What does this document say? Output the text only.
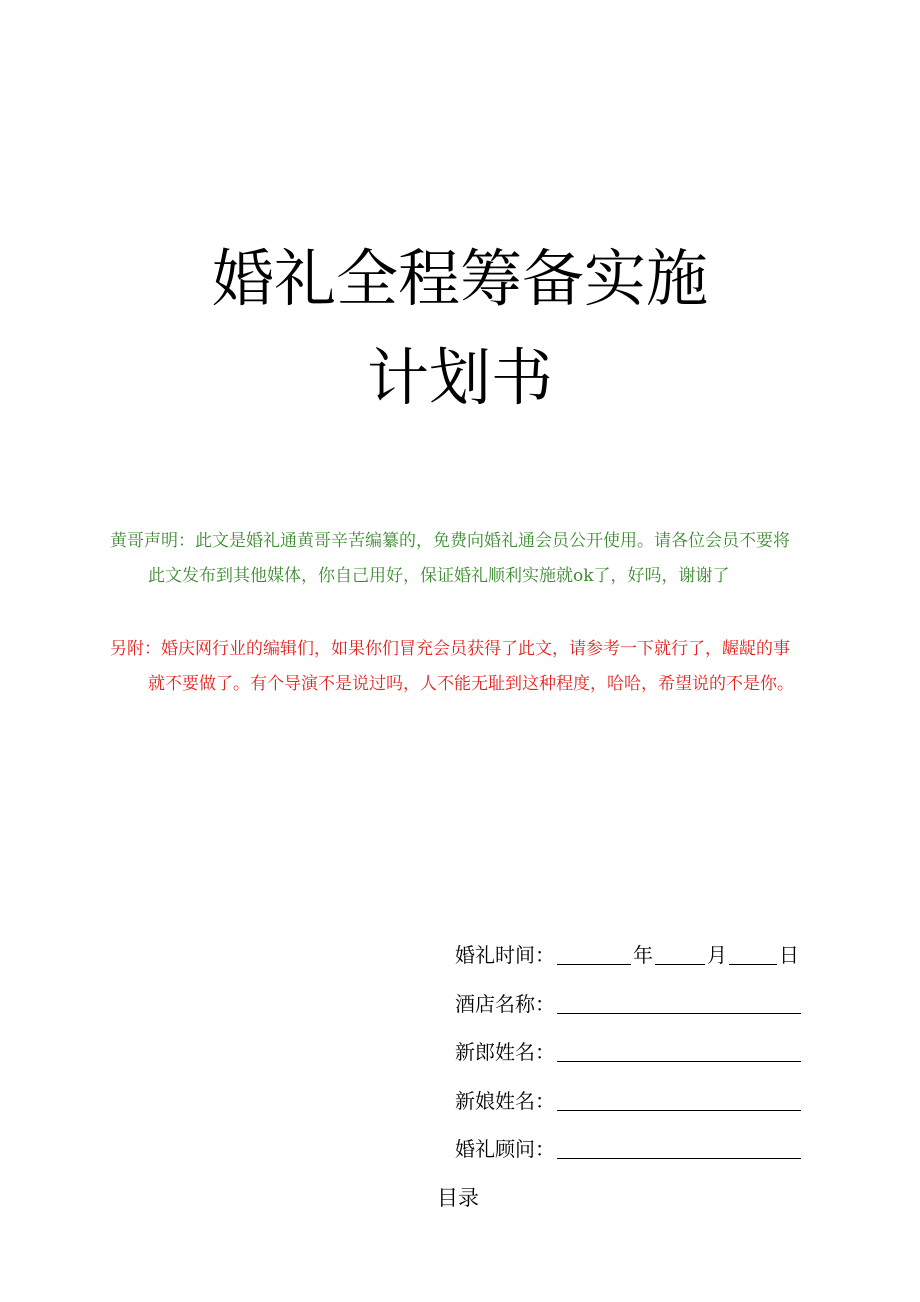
婚礼全程筹备实施
计划书

黄哥声明：此文是婚礼通黄哥辛苦编纂的，免费向婚礼通会员公开使用。请各位会员不要将此文发布到其他媒体，你自己用好，保证婚礼顺利实施就ok了，好吗，谢谢了

另附：婚庆网行业的编辑们，如果你们冒充会员获得了此文，请参考一下就行了，龌龊的事就不要做了。有个导演不是说过吗，人不能无耻到这种程度，哈哈，希望说的不是你。

婚礼时间：	年	月	日
酒店名称：
新郎姓名：
新娘姓名：
婚礼顾问：
目录
